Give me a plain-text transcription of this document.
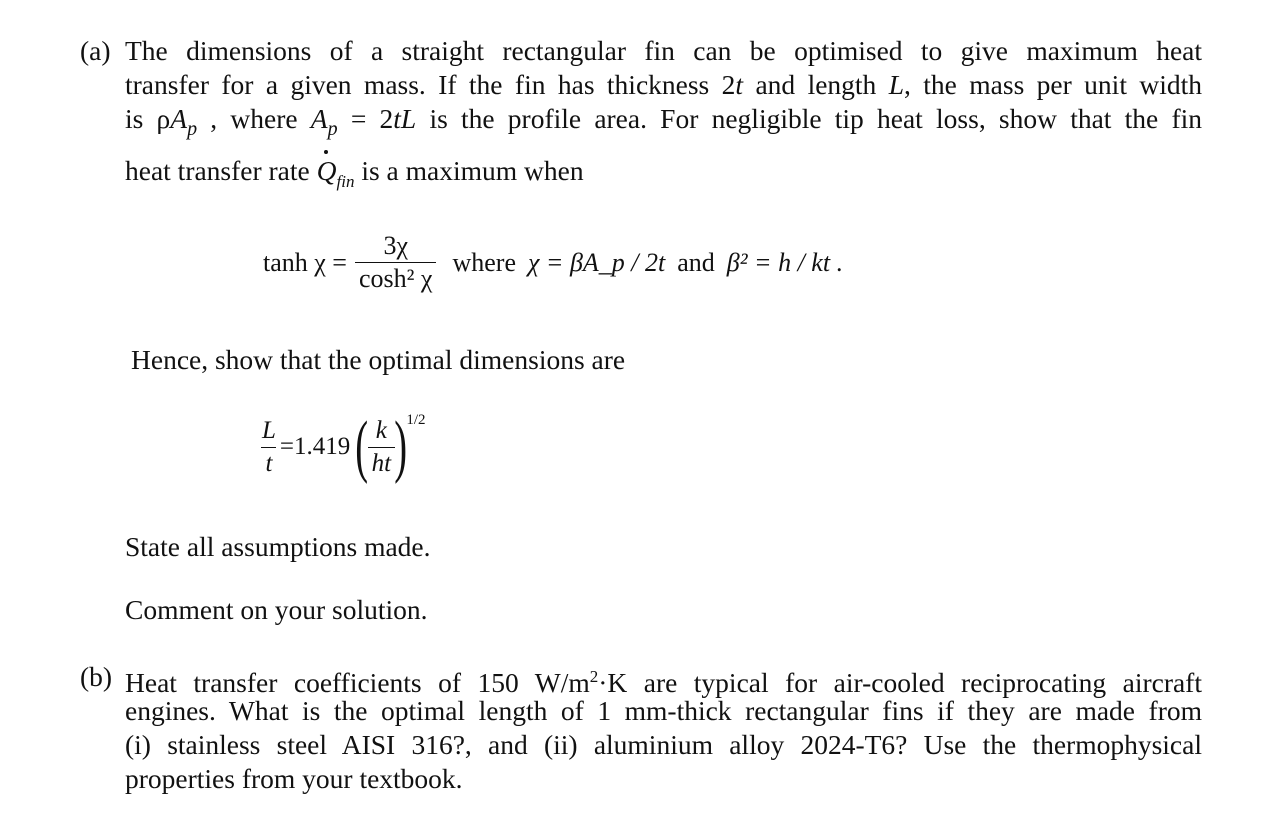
(a) The dimensions of a straight rectangular fin can be optimised to give maximum heat
transfer for a given mass. If the fin has thickness 2t and length L, the mass per unit width
is $\rho A_p$ , where $A_p = 2tL$ is the profile area. For negligible tip heat loss, show that the fin
heat transfer rate $Q_{fin}$ is a maximum when
$\tanh \chi = \frac{3\chi}{\text{cosh² χ}}$ where χ = βA_p / 2t and β² = h / kt .
Hence, show that the optimal dimensions are
$\frac{L}{t} =1.419$ ( $\frac{k}{ht}$ ) 1/2
State all assumptions made.
Comment on your solution.
(b) Heat transfer coefficients of 150 $W/m^2\cdot K$ are typical for air-cooled reciprocating aircraft
engines. What is the optimal length of 1 mm-thick rectangular fins if they are made from
(i) stainless steel AISI 316?, and (ii) aluminium alloy 2024-T6? Use the thermophysical
properties from your textbook.
